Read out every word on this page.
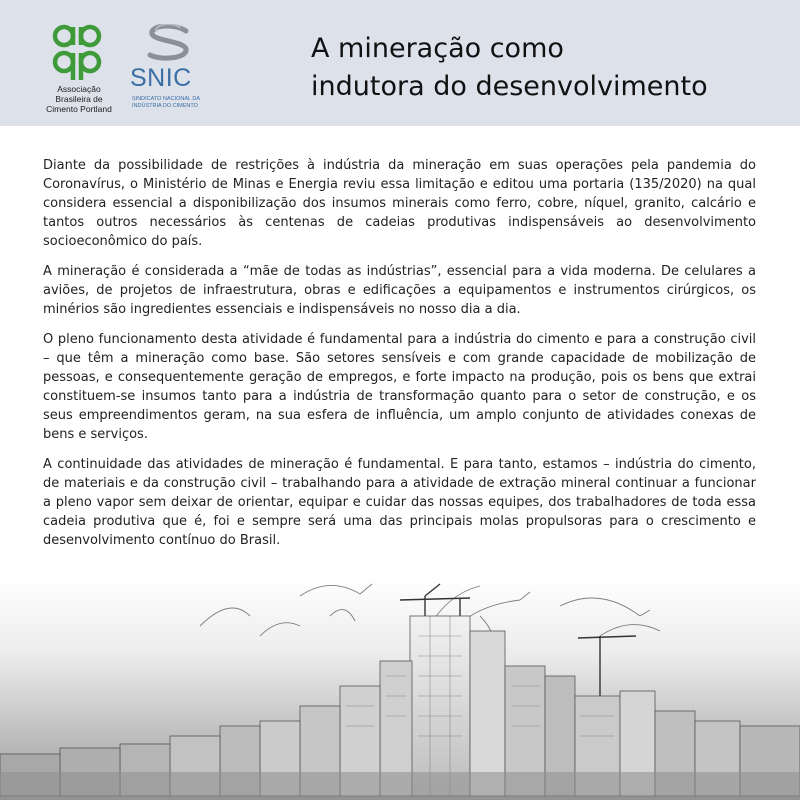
Associação
Brasileira de
Cimento Portland
SNIC
SINDICATO NACIONAL DA
INDÚSTRIA DO CIMENTO
A mineração como
indutora do desenvolvimento

Diante da possibilidade de restrições à indústria da mineração em suas operações pela pandemia do Coronavírus, o Ministério de Minas e Energia reviu essa limitação e editou uma portaria (135/2020) na qual considera essencial a disponibilização dos insumos minerais como ferro, cobre, níquel, granito, calcário e tantos outros necessários às centenas de cadeias produtivas indispensáveis ao desenvolvimento socioeconômico do país.

A mineração é considerada a “mãe de todas as indústrias”, essencial para a vida moderna. De celulares a aviões, de projetos de infraestrutura, obras e edificações a equipamentos e instrumentos cirúrgicos, os minérios são ingredientes essenciais e indispensáveis no nosso dia a dia.

O pleno funcionamento desta atividade é fundamental para a indústria do cimento e para a construção civil – que têm a mineração como base. São setores sensíveis e com grande capacidade de mobilização de pessoas, e consequentemente geração de empregos, e forte impacto na produção, pois os bens que extrai constituem-se insumos tanto para a indústria de transformação quanto para o setor de construção, e os seus empreendimentos geram, na sua esfera de influência, um amplo conjunto de atividades conexas de bens e serviços.

A continuidade das atividades de mineração é fundamental. E para tanto, estamos – indústria do cimento, de materiais e da construção civil – trabalhando para a atividade de extração mineral continuar a funcionar a pleno vapor sem deixar de orientar, equipar e cuidar das nossas equipes, dos trabalhadores de toda essa cadeia produtiva que é, foi e sempre será uma das principais molas propulsoras para o crescimento e desenvolvimento contínuo do Brasil.
